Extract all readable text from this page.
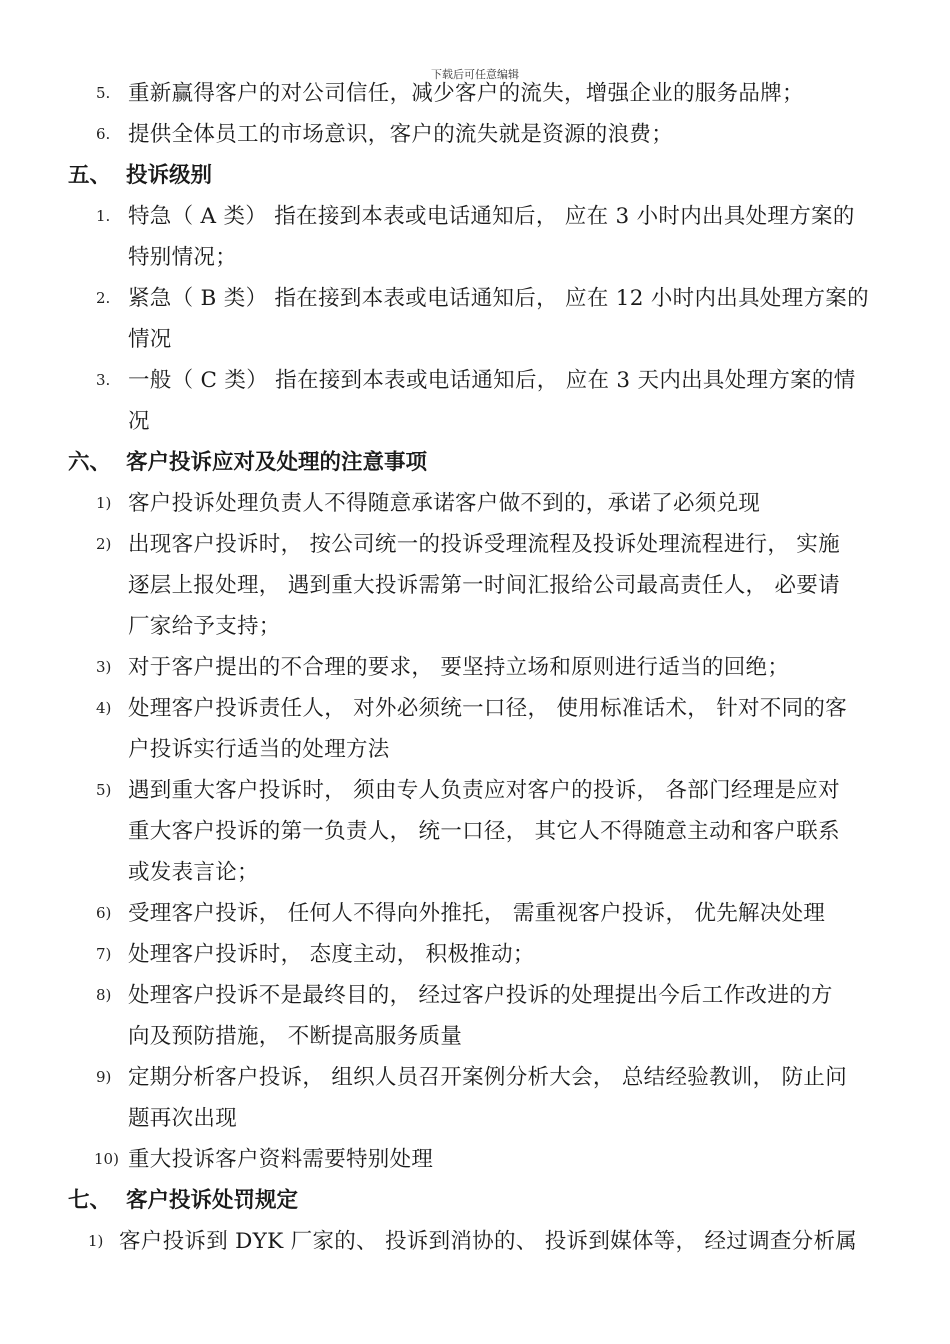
下载后可任意编辑
5. 重新赢得客户的对公司信任，减少客户的流失，增强企业的服务品牌；
6. 提供全体员工的市场意识，客户的流失就是资源的浪费；
五、 投诉级别
1. 特急（ A 类） 指在接到本表或电话通知后， 应在 3 小时内出具处理方案的
特别情况；
2. 紧急（ B 类） 指在接到本表或电话通知后， 应在 12 小时内出具处理方案的
情况
3. 一般（ C 类） 指在接到本表或电话通知后， 应在 3 天内出具处理方案的情
况
六、 客户投诉应对及处理的注意事项
1) 客户投诉处理负责人不得随意承诺客户做不到的，承诺了必须兑现
2) 出现客户投诉时， 按公司统一的投诉受理流程及投诉处理流程进行， 实施
逐层上报处理， 遇到重大投诉需第一时间汇报给公司最高责任人， 必要请
厂家给予支持；
3) 对于客户提出的不合理的要求， 要坚持立场和原则进行适当的回绝；
4) 处理客户投诉责任人， 对外必须统一口径， 使用标准话术， 针对不同的客
户投诉实行适当的处理方法
5) 遇到重大客户投诉时， 须由专人负责应对客户的投诉， 各部门经理是应对
重大客户投诉的第一负责人， 统一口径， 其它人不得随意主动和客户联系
或发表言论；
6) 受理客户投诉， 任何人不得向外推托， 需重视客户投诉， 优先解决处理
7) 处理客户投诉时， 态度主动， 积极推动；
8) 处理客户投诉不是最终目的， 经过客户投诉的处理提出今后工作改进的方
向及预防措施， 不断提高服务质量
9) 定期分析客户投诉， 组织人员召开案例分析大会， 总结经验教训， 防止问
题再次出现
10) 重大投诉客户资料需要特别处理
七、 客户投诉处罚规定
1) 客户投诉到 DYK 厂家的、 投诉到消协的、 投诉到媒体等， 经过调查分析属
